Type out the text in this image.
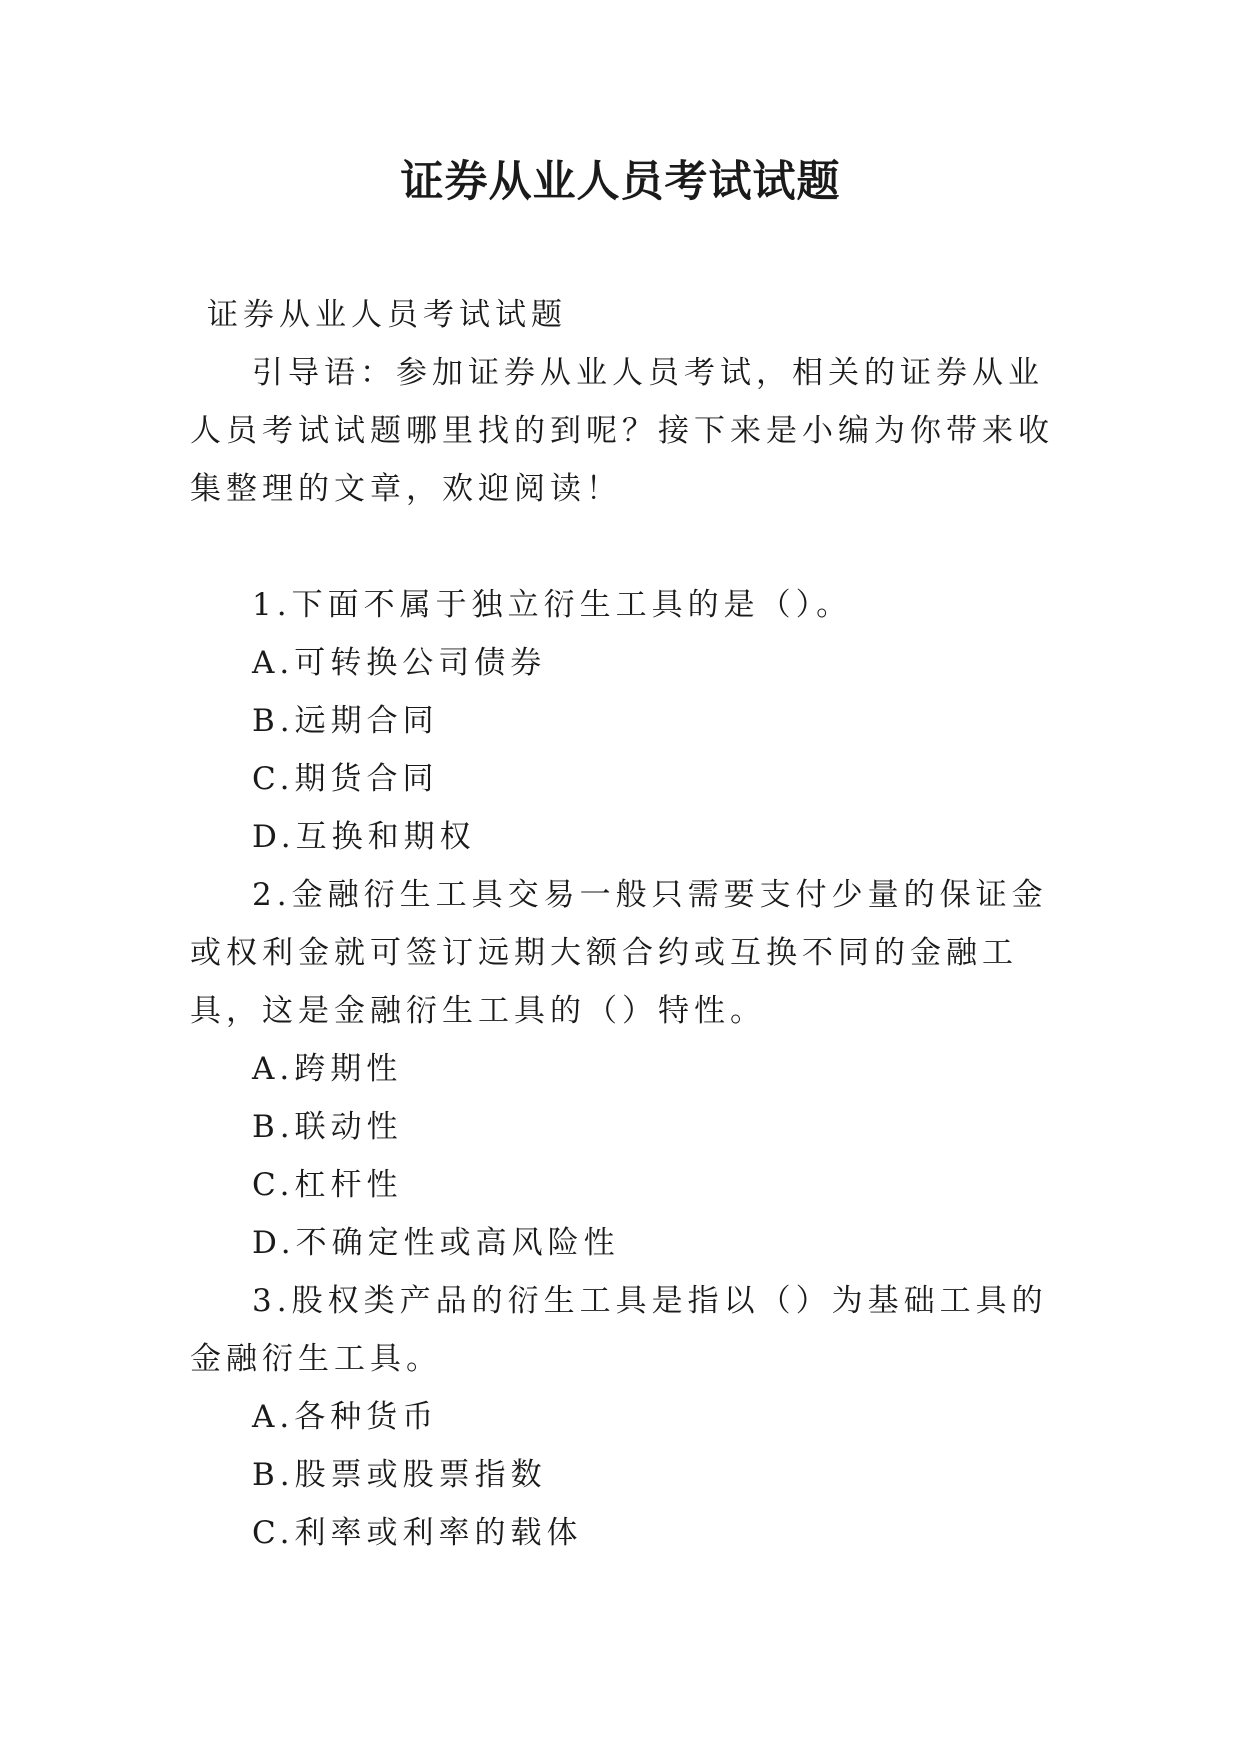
证券从业人员考试试题

证券从业人员考试试题

引导语：参加证券从业人员考试，相关的证券从业人员考试试题哪里找的到呢？接下来是小编为你带来收集整理的文章，欢迎阅读！

1.下面不属于独立衍生工具的是（）。

A.可转换公司债券

B.远期合同

C.期货合同

D.互换和期权

2.金融衍生工具交易一般只需要支付少量的保证金或权利金就可签订远期大额合约或互换不同的金融工具，这是金融衍生工具的（）特性。

A.跨期性

B.联动性

C.杠杆性

D.不确定性或高风险性

3.股权类产品的衍生工具是指以（）为基础工具的金融衍生工具。

A.各种货币

B.股票或股票指数

C.利率或利率的载体
